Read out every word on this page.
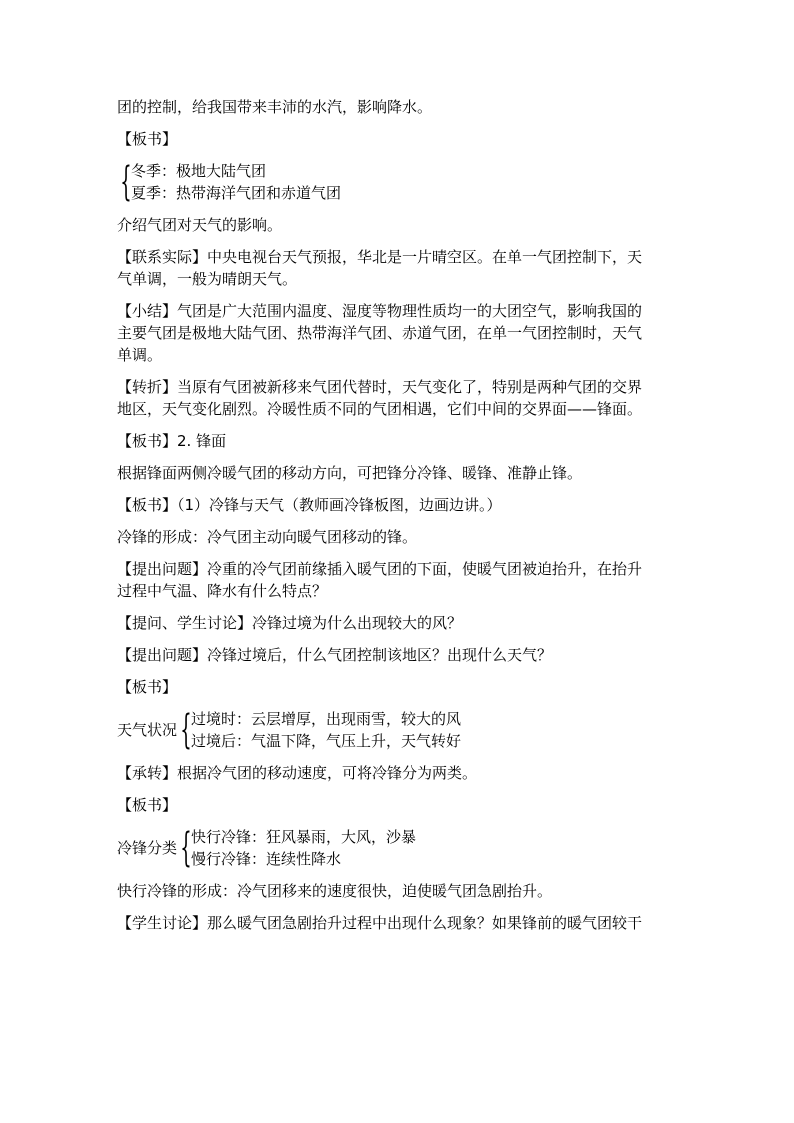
团的控制，给我国带来丰沛的水汽，影响降水。
【板书】
{ 冬季：极地大陆气团
夏季：热带海洋气团和赤道气团
介绍气团对天气的影响。
【联系实际】中央电视台天气预报，华北是一片晴空区。在单一气团控制下，天
气单调，一般为晴朗天气。
【小结】气团是广大范围内温度、湿度等物理性质均一的大团空气，影响我国的
主要气团是极地大陆气团、热带海洋气团、赤道气团，在单一气团控制时，天气
单调。
【转折】当原有气团被新移来气团代替时，天气变化了，特别是两种气团的交界
地区，天气变化剧烈。冷暖性质不同的气团相遇，它们中间的交界面——锋面。
【板书】2. 锋面
根据锋面两侧冷暖气团的移动方向，可把锋分冷锋、暖锋、准静止锋。
【板书】（1）冷锋与天气（教师画冷锋板图，边画边讲。）
冷锋的形成：冷气团主动向暖气团移动的锋。
【提出问题】冷重的冷气团前缘插入暖气团的下面，使暖气团被迫抬升，在抬升
过程中气温、降水有什么特点？
【提问、学生讨论】冷锋过境为什么出现较大的风？
【提出问题】冷锋过境后，什么气团控制该地区？出现什么天气？
【板书】
天气状况 { 过境时：云层增厚，出现雨雪，较大的风
过境后：气温下降，气压上升，天气转好
【承转】根据冷气团的移动速度，可将冷锋分为两类。
【板书】
冷锋分类 { 快行冷锋：狂风暴雨，大风，沙暴
慢行冷锋：连续性降水
快行冷锋的形成：冷气团移来的速度很快，迫使暖气团急剧抬升。
【学生讨论】那么暖气团急剧抬升过程中出现什么现象？如果锋前的暖气团较干
